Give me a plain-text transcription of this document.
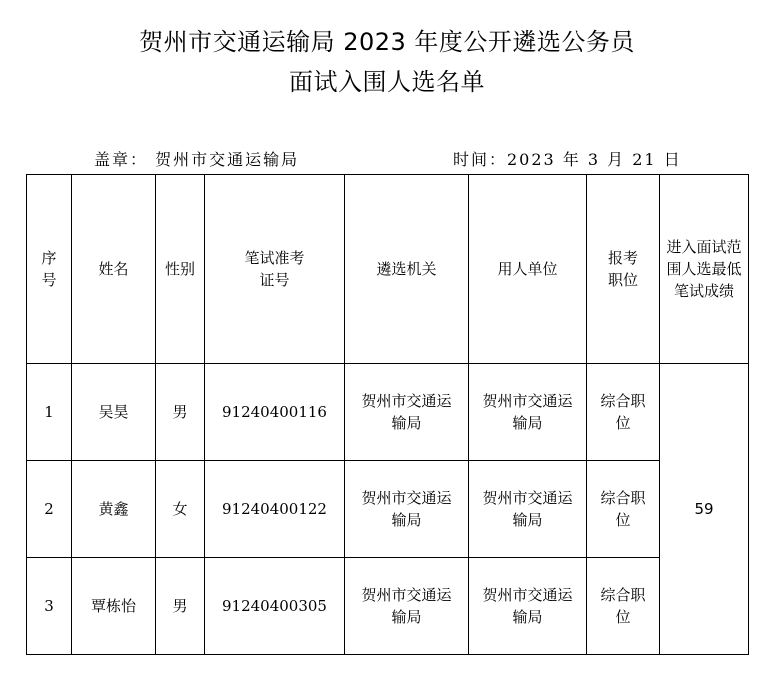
贺州市交通运输局 2023 年度公开遴选公务员
面试入围人选名单
盖章： 贺州市交通运输局	时间：2023 年 3 月 21 日
序号	姓名	性别	笔试准考证号	遴选机关	用人单位	报考职位	进入面试范围人选最低笔试成绩
1	吴昊	男	91240400116	贺州市交通运输局	贺州市交通运输局	综合职位	59
2	黄鑫	女	91240400122	贺州市交通运输局	贺州市交通运输局	综合职位	
3	覃栋怡	男	91240400305	贺州市交通运输局	贺州市交通运输局	综合职位	
